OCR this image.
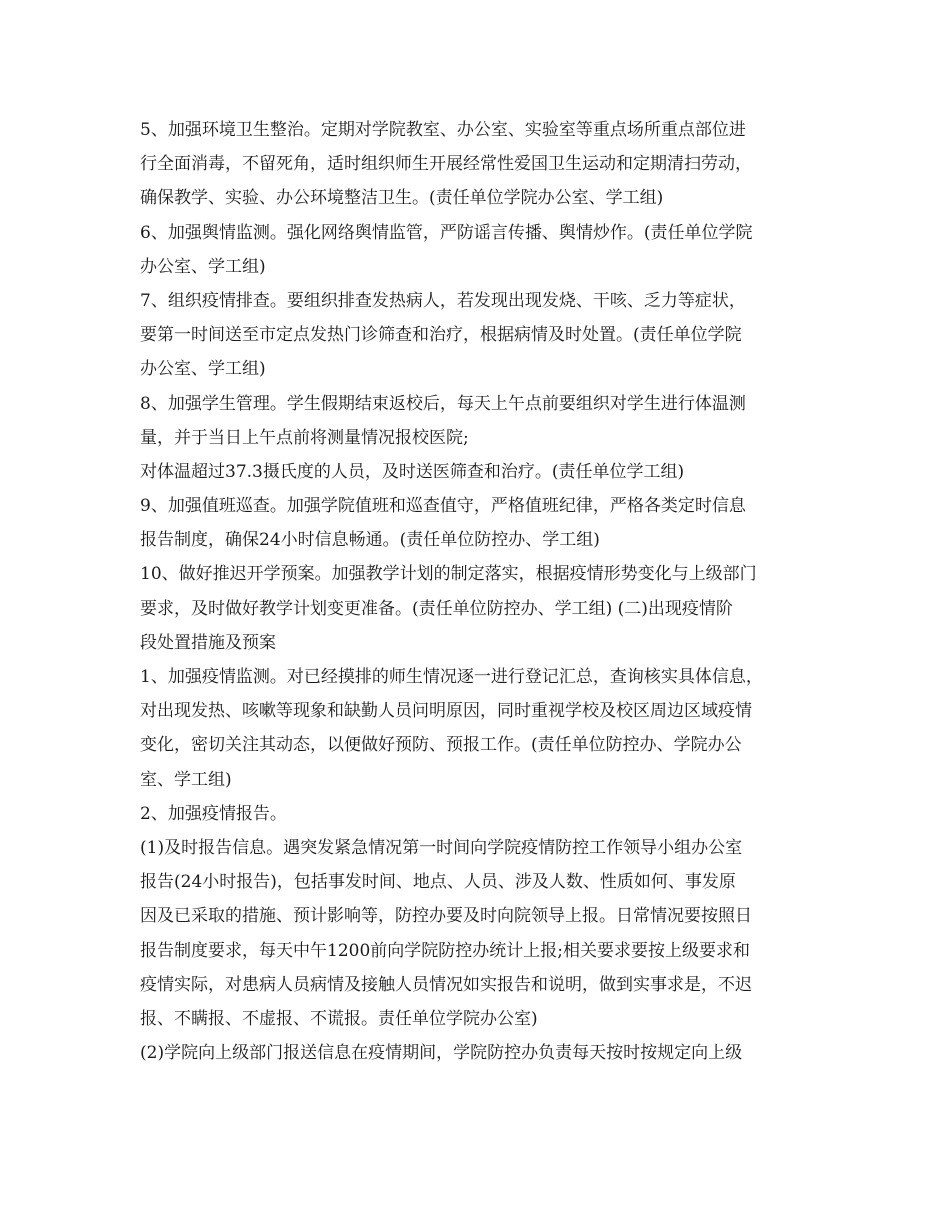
5、加强环境卫生整治。定期对学院教室、办公室、实验室等重点场所重点部位进
行全面消毒，不留死角，适时组织师生开展经常性爱国卫生运动和定期清扫劳动，
确保教学、实验、办公环境整洁卫生。(责任单位学院办公室、学工组)
6、加强舆情监测。强化网络舆情监管，严防谣言传播、舆情炒作。(责任单位学院
办公室、学工组)
7、组织疫情排查。要组织排查发热病人，若发现出现发烧、干咳、乏力等症状，
要第一时间送至市定点发热门诊筛查和治疗，根据病情及时处置。(责任单位学院
办公室、学工组)
8、加强学生管理。学生假期结束返校后，每天上午点前要组织对学生进行体温测
量，并于当日上午点前将测量情况报校医院;
对体温超过37.3摄氏度的人员，及时送医筛查和治疗。(责任单位学工组)
9、加强值班巡查。加强学院值班和巡查值守，严格值班纪律，严格各类定时信息
报告制度，确保24小时信息畅通。(责任单位防控办、学工组)
10、做好推迟开学预案。加强教学计划的制定落实，根据疫情形势变化与上级部门
要求，及时做好教学计划变更准备。(责任单位防控办、学工组) (二)出现疫情阶
段处置措施及预案
1、加强疫情监测。对已经摸排的师生情况逐一进行登记汇总，查询核实具体信息，
对出现发热、咳嗽等现象和缺勤人员问明原因，同时重视学校及校区周边区域疫情
变化，密切关注其动态，以便做好预防、预报工作。(责任单位防控办、学院办公
室、学工组)
2、加强疫情报告。
(1)及时报告信息。遇突发紧急情况第一时间向学院疫情防控工作领导小组办公室
报告(24小时报告)，包括事发时间、地点、人员、涉及人数、性质如何、事发原
因及已采取的措施、预计影响等，防控办要及时向院领导上报。日常情况要按照日
报告制度要求，每天中午1200前向学院防控办统计上报;相关要求要按上级要求和
疫情实际，对患病人员病情及接触人员情况如实报告和说明，做到实事求是，不迟
报、不瞒报、不虚报、不谎报。责任单位学院办公室)
(2)学院向上级部门报送信息在疫情期间，学院防控办负责每天按时按规定向上级
